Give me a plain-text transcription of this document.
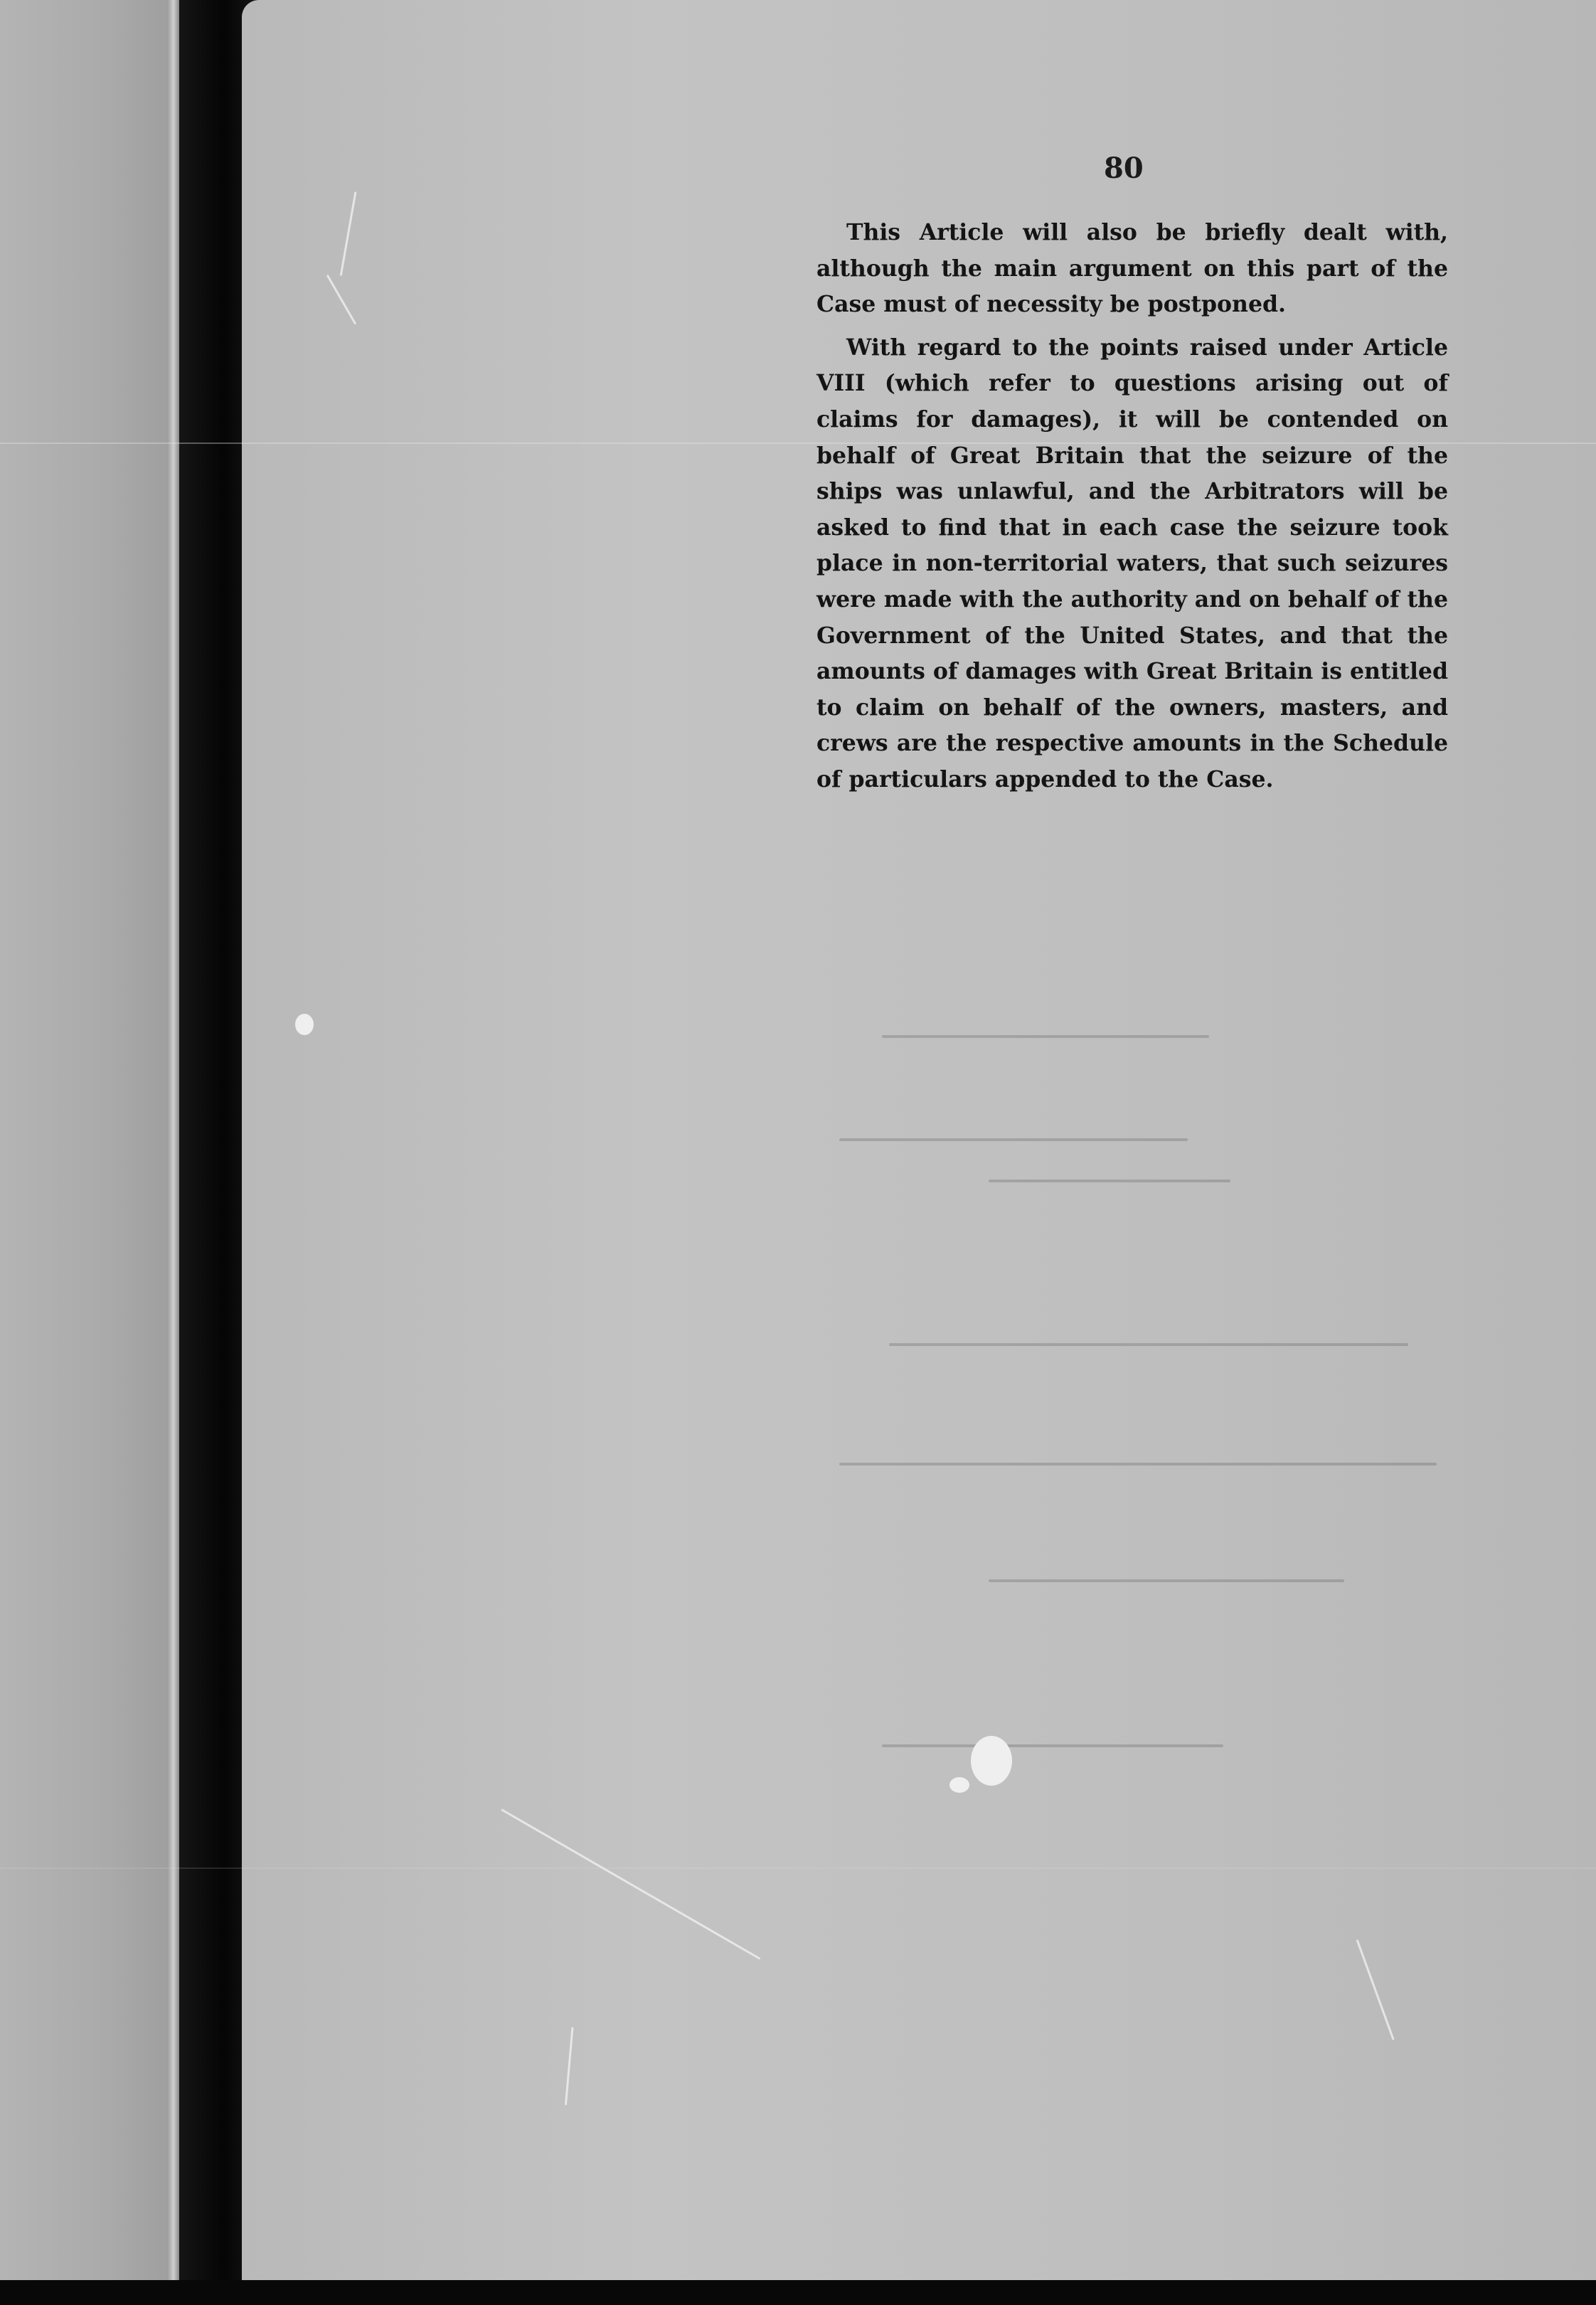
80

This Article will also be briefly dealt with, although the main argument on this part of the Case must of necessity be postponed.

With regard to the points raised under Article VIII (which refer to questions arising out of claims for damages), it will be contended on behalf of Great Britain that the seizure of the ships was unlawful, and the Arbitrators will be asked to find that in each case the seizure took place in non-territorial waters, that such seizures were made with the authority and on behalf of the Government of the United States, and that the amounts of damages with Great Britain is entitled to claim on behalf of the owners, masters, and crews are the respective amounts in the Schedule of particulars appended to the Case.
